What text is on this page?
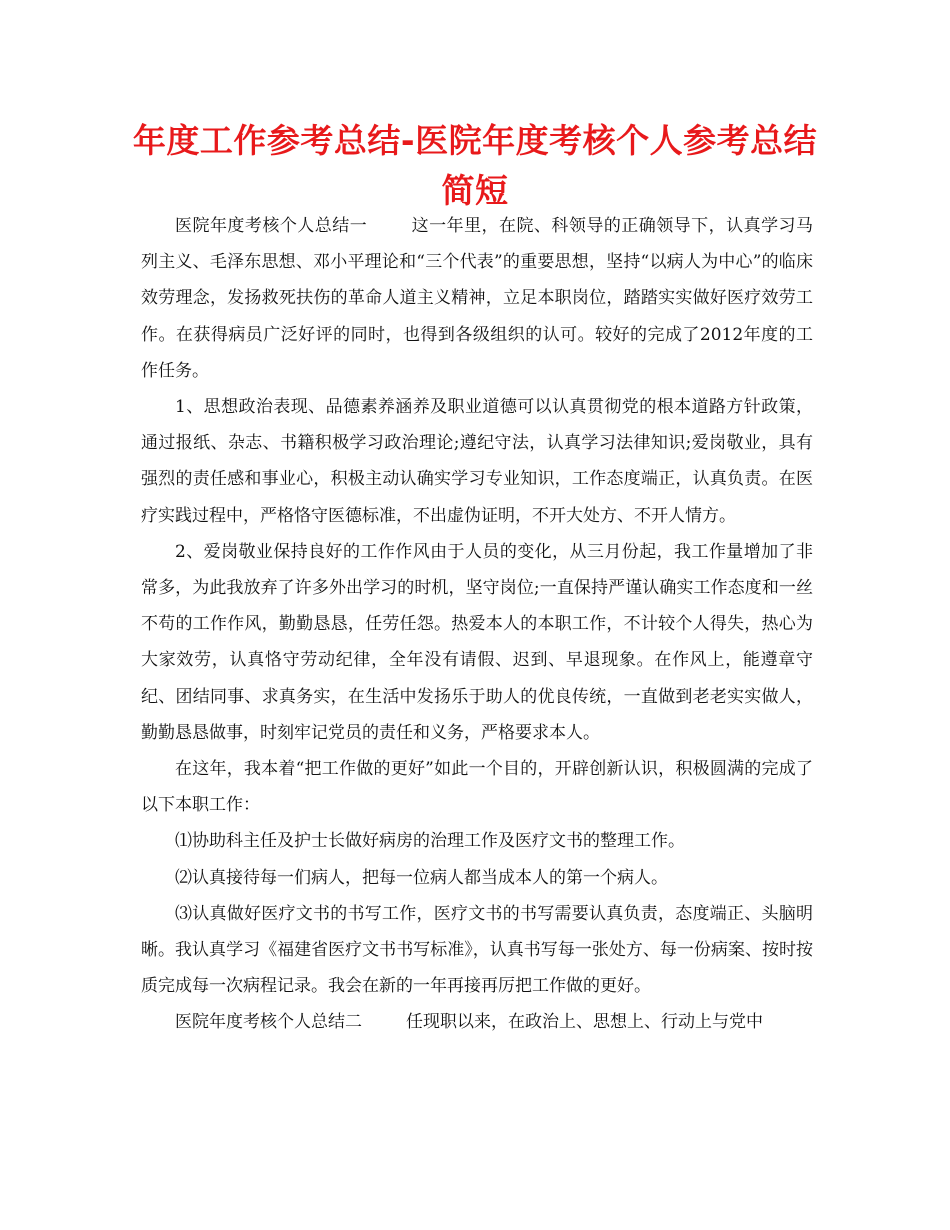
年度工作参考总结-医院年度考核个人参考总结简短

医院年度考核个人总结一	这一年里，在院、科领导的正确领导下，认真学习马列主义、毛泽东思想、邓小平理论和“三个代表”的重要思想，坚持“以病人为中心”的临床效劳理念，发扬救死扶伤的革命人道主义精神，立足本职岗位，踏踏实实做好医疗效劳工作。在获得病员广泛好评的同时，也得到各级组织的认可。较好的完成了2012年度的工作任务。

1、思想政治表现、品德素养涵养及职业道德可以认真贯彻党的根本道路方针政策，通过报纸、杂志、书籍积极学习政治理论;遵纪守法，认真学习法律知识;爱岗敬业，具有强烈的责任感和事业心，积极主动认确实学习专业知识，工作态度端正，认真负责。在医疗实践过程中，严格恪守医德标准，不出虚伪证明，不开大处方、不开人情方。

2、爱岗敬业保持良好的工作作风由于人员的变化，从三月份起，我工作量增加了非常多，为此我放弃了许多外出学习的时机，坚守岗位;一直保持严谨认确实工作态度和一丝不苟的工作作风，勤勤恳恳，任劳任怨。热爱本人的本职工作，不计较个人得失，热心为大家效劳，认真恪守劳动纪律，全年没有请假、迟到、早退现象。在作风上，能遵章守纪、团结同事、求真务实，在生活中发扬乐于助人的优良传统，一直做到老老实实做人，勤勤恳恳做事，时刻牢记党员的责任和义务，严格要求本人。

在这年，我本着“把工作做的更好”如此一个目的，开辟创新认识，积极圆满的完成了以下本职工作：

⑴协助科主任及护士长做好病房的治理工作及医疗文书的整理工作。

⑵认真接待每一们病人，把每一位病人都当成本人的第一个病人。

⑶认真做好医疗文书的书写工作，医疗文书的书写需要认真负责，态度端正、头脑明晰。我认真学习《福建省医疗文书书写标准》，认真书写每一张处方、每一份病案、按时按质完成每一次病程记录。我会在新的一年再接再厉把工作做的更好。

医院年度考核个人总结二	任现职以来，在政治上、思想上、行动上与党中
